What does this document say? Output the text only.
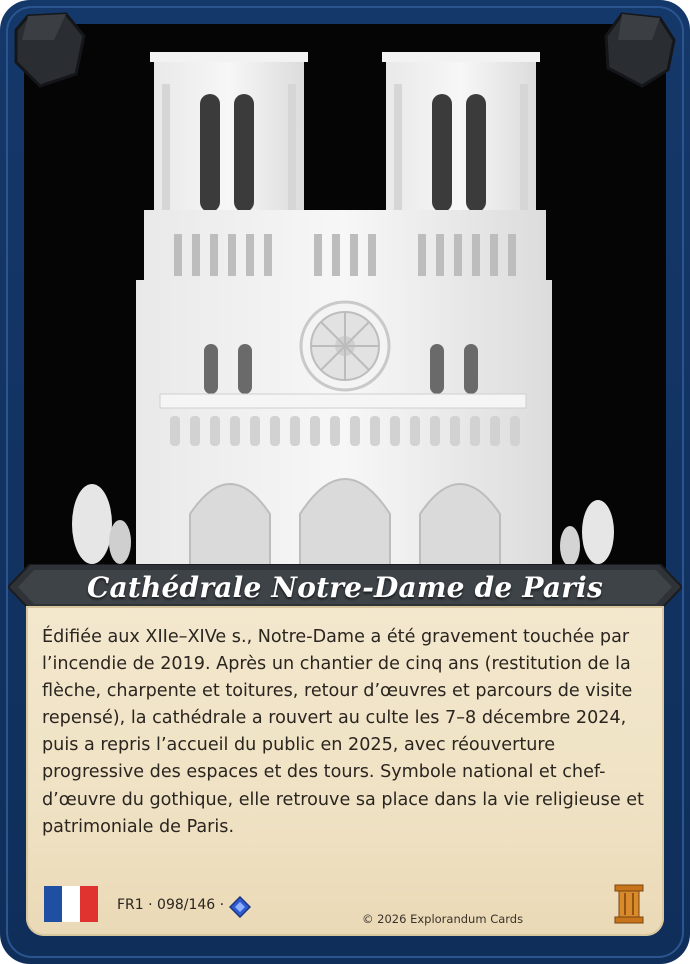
Cathédrale Notre-Dame de Paris
Édifiée aux XIIe–XIVe s., Notre-Dame a été gravement touchée par l’incendie de 2019. Après un chantier de cinq ans (restitution de la flèche, charpente et toitures, retour d’œuvres et parcours de visite repensé), la cathédrale a rouvert au culte les 7–8 décembre 2024, puis a repris l’accueil du public en 2025, avec réouverture progressive des espaces et des tours. Symbole national et chef-d’œuvre du gothique, elle retrouve sa place dans la vie religieuse et patrimoniale de Paris.
FR1 · 098/146 ·
© 2026 Explorandum Cards
